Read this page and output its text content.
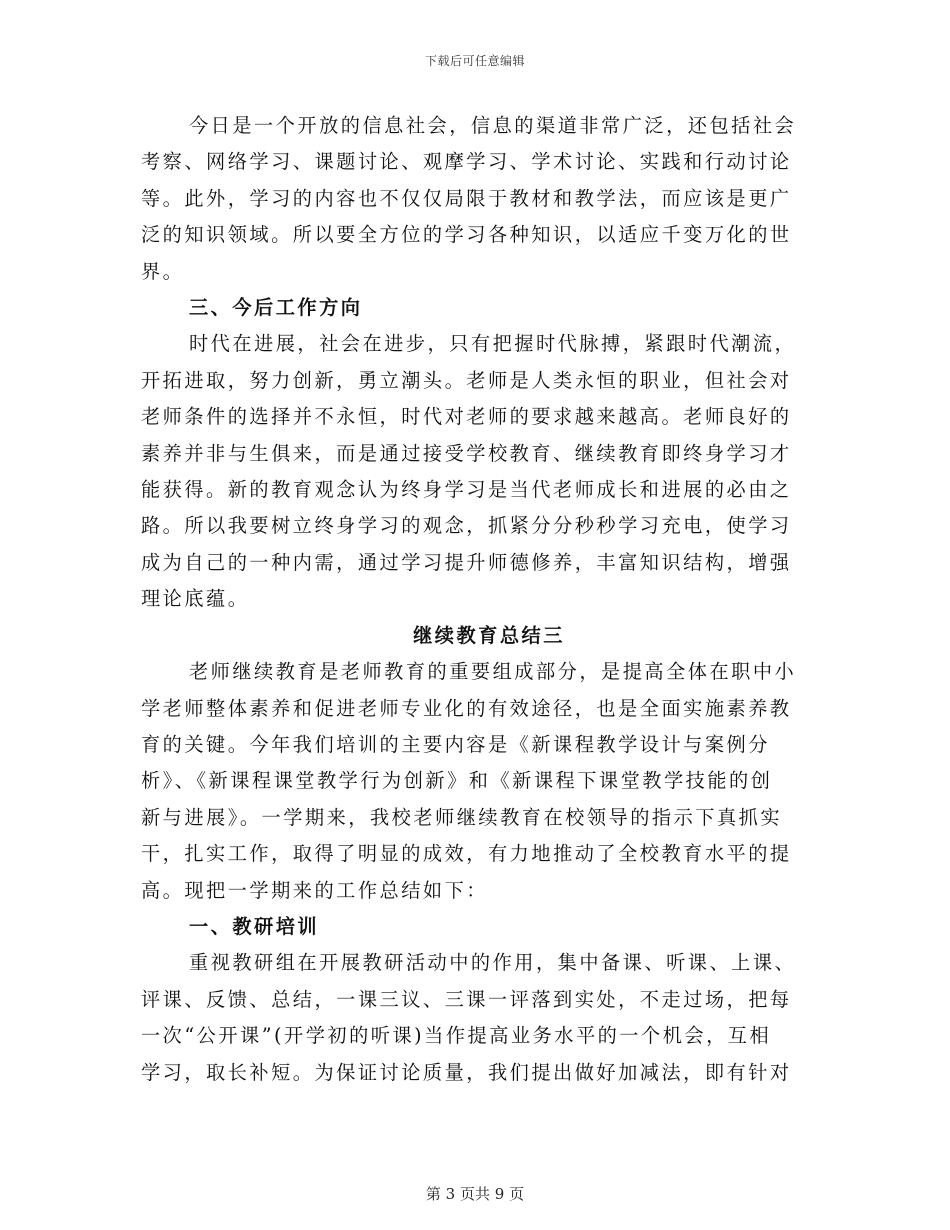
下载后可任意编辑
今日是一个开放的信息社会，信息的渠道非常广泛，还包括社会
考察、网络学习、课题讨论、观摩学习、学术讨论、实践和行动讨论
等。此外，学习的内容也不仅仅局限于教材和教学法，而应该是更广
泛的知识领域。所以要全方位的学习各种知识，以适应千变万化的世
界。
三、今后工作方向
时代在进展，社会在进步，只有把握时代脉搏，紧跟时代潮流，
开拓进取，努力创新，勇立潮头。老师是人类永恒的职业，但社会对
老师条件的选择并不永恒，时代对老师的要求越来越高。老师良好的
素养并非与生俱来，而是通过接受学校教育、继续教育即终身学习才
能获得。新的教育观念认为终身学习是当代老师成长和进展的必由之
路。所以我要树立终身学习的观念，抓紧分分秒秒学习充电，使学习
成为自己的一种内需，通过学习提升师德修养，丰富知识结构，增强
理论底蕴。
继续教育总结三
老师继续教育是老师教育的重要组成部分，是提高全体在职中小
学老师整体素养和促进老师专业化的有效途径，也是全面实施素养教
育的关键。今年我们培训的主要内容是《新课程教学设计与案例分
析》、《新课程课堂教学行为创新》和《新课程下课堂教学技能的创
新与进展》。一学期来，我校老师继续教育在校领导的指示下真抓实
干，扎实工作，取得了明显的成效，有力地推动了全校教育水平的提
高。现把一学期来的工作总结如下：
一、教研培训
重视教研组在开展教研活动中的作用，集中备课、听课、上课、
评课、反馈、总结，一课三议、三课一评落到实处，不走过场，把每
一次“公开课”(开学初的听课)当作提高业务水平的一个机会，互相
学习，取长补短。为保证讨论质量，我们提出做好加减法，即有针对
第 3 页共 9 页
